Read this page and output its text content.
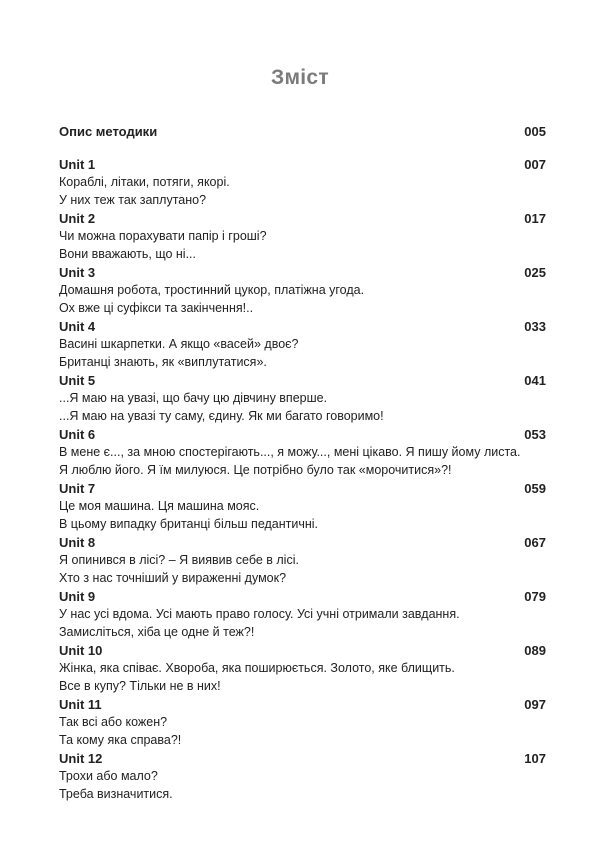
Зміст
Опис методики	005
Unit 1	007
Кораблі, літаки, потяги, якорі.
У них теж так заплутано?
Unit 2	017
Чи можна порахувати папір і гроші?
Вони вважають, що ні...
Unit 3	025
Домашня робота, тростинний цукор, платіжна угода.
Ох вже ці суфікси та закінчення!..
Unit 4	033
Васині шкарпетки. А якщо «васей» двоє?
Британці знають, як «виплутатися».
Unit 5	041
...Я маю на увазі, що бачу цю дівчину вперше.
...Я маю на увазі ту саму, єдину. Як ми багато говоримо!
Unit 6	053
В мене є..., за мною спостерігають..., я можу..., мені цікаво. Я пишу йому листа.
Я люблю його. Я їм милуюся. Це потрібно було так «морочитися»?!
Unit 7	059
Це моя машина. Ця машина мояс.
В цьому випадку британці більш педантичні.
Unit 8	067
Я опинився в лісі? – Я виявив себе в лісі.
Хто з нас точніший у вираженні думок?
Unit 9	079
У нас усі вдома. Усі мають право голосу. Усі учні отримали завдання.
Замисліться, хіба це одне й теж?!
Unit 10	089
Жінка, яка співає. Хвороба, яка поширюється. Золото, яке блищить.
Все в купу? Тільки не в них!
Unit 11	097
Так всі або кожен?
Та кому яка справа?!
Unit 12	107
Трохи або мало?
Треба визначитися.
